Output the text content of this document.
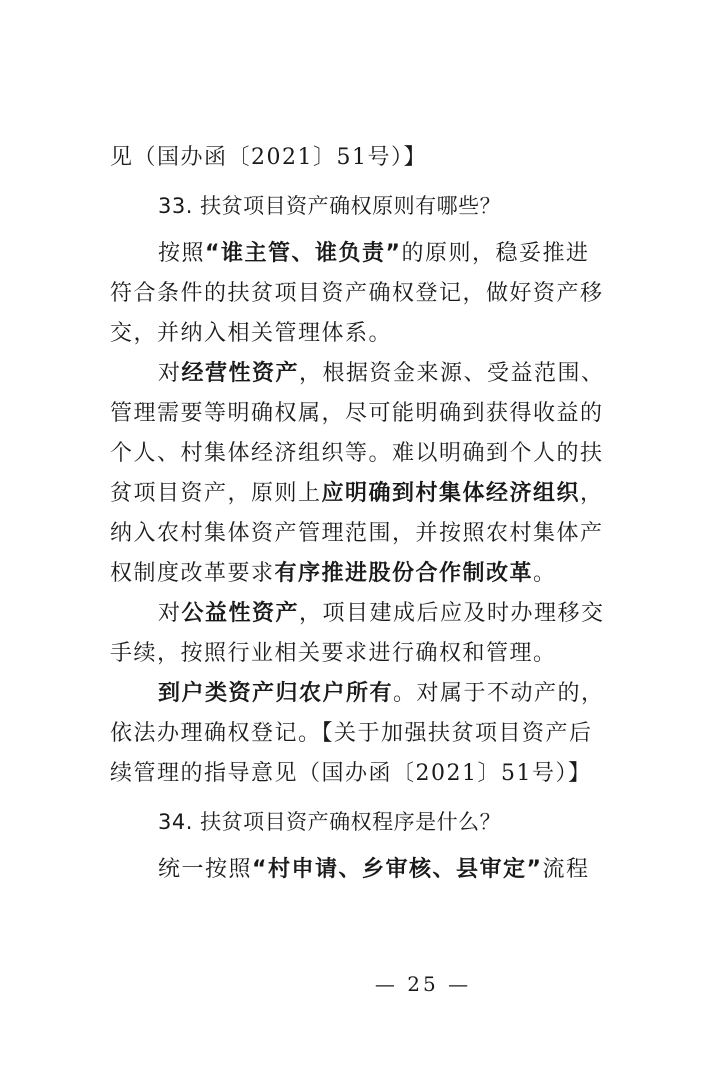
见（国办函〔2021〕51号）】
33. 扶贫项目资产确权原则有哪些？
按照“谁主管、谁负责”的原则，稳妥推进
符合条件的扶贫项目资产确权登记，做好资产移
交，并纳入相关管理体系。
对经营性资产，根据资金来源、受益范围、
管理需要等明确权属，尽可能明确到获得收益的
个人、村集体经济组织等。难以明确到个人的扶
贫项目资产，原则上应明确到村集体经济组织，
纳入农村集体资产管理范围，并按照农村集体产
权制度改革要求有序推进股份合作制改革。
对公益性资产，项目建成后应及时办理移交
手续，按照行业相关要求进行确权和管理。
到户类资产归农户所有。对属于不动产的，
依法办理确权登记。【关于加强扶贫项目资产后
续管理的指导意见（国办函〔2021〕51号）】
34. 扶贫项目资产确权程序是什么？
统一按照“村申请、乡审核、县审定”流程
— 25 —
